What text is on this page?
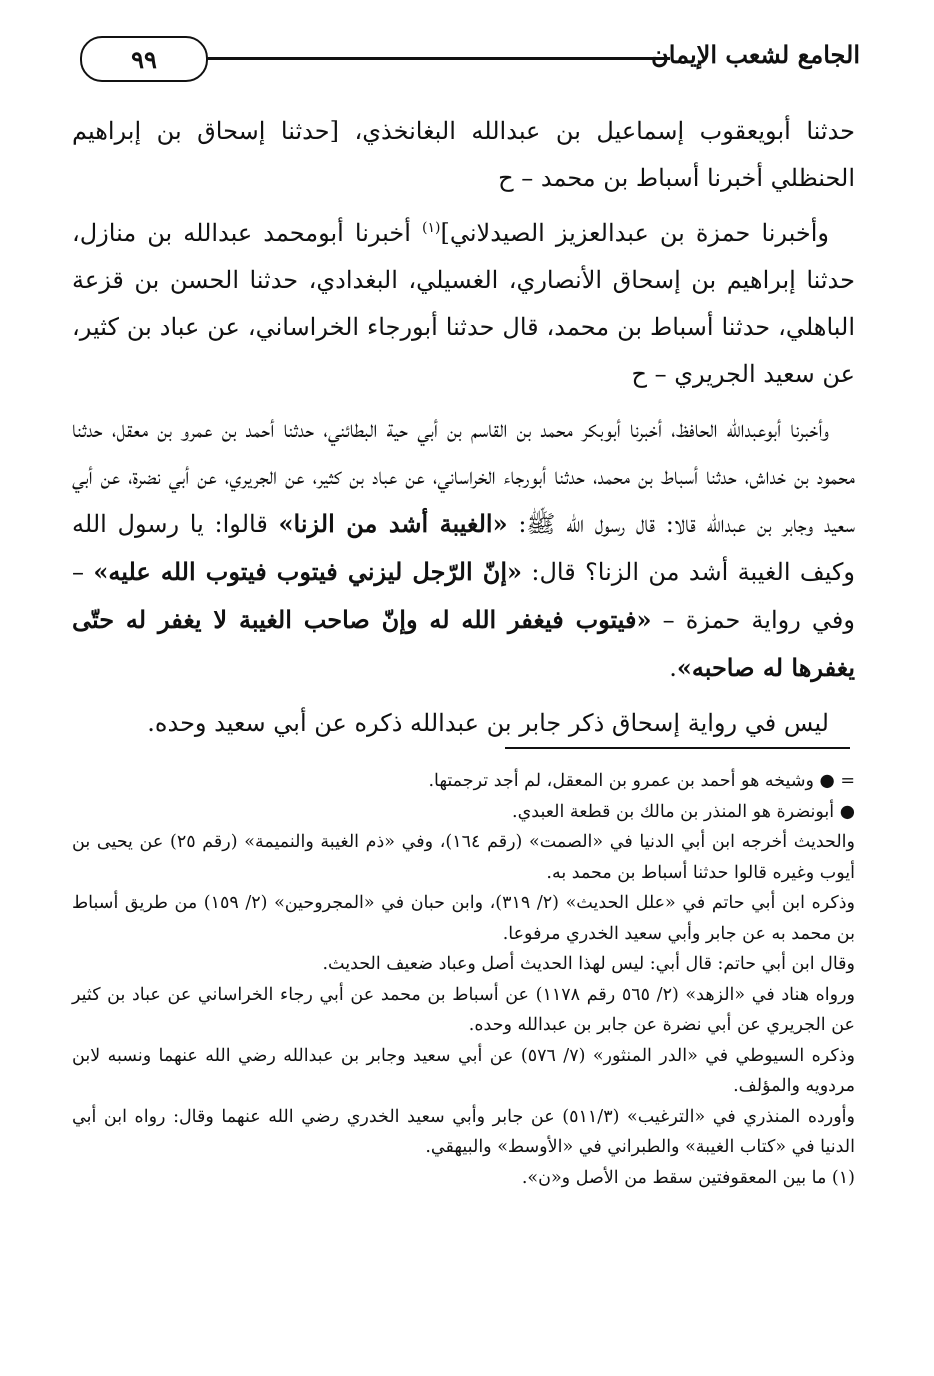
٩٩	الجامع لشعب الإيمان

حدثنا أبويعقوب إسماعيل بن عبدالله البغانخذي، [حدثنا إسحاق بن إبراهيم الحنظلي أخبرنا أسباط بن محمد – ح

وأخبرنا حمزة بن عبدالعزيز الصيدلاني]$^{(١)}$ أخبرنا أبومحمد عبدالله بن منازل، حدثنا إبراهيم بن إسحاق الأنصاري، الغسيلي، البغدادي، حدثنا الحسن بن قزعة الباهلي، حدثنا أسباط بن محمد، قال حدثنا أبورجاء الخراساني، عن عباد بن كثير، عن سعيد الجريري – ح

وأخبرنا أبوعبدالله الحافظ، أخبرنا أبوبكر محمد بن القاسم بن أبي حية البطائني، حدثنا أحمد بن عمرو بن معقل، حدثنا محمود بن خداش، حدثنا أسباط بن محمد، حدثنا أبورجاء الخراساني، عن عباد بن كثير، عن الجريري، عن أبي نضرة، عن أبي سعيد وجابر بن عبدالله قالا: قال رسول الله ﷺ: «الغيبة أشد من الزنا» قالوا: يا رسول الله وكيف الغيبة أشد من الزنا؟ قال: «إنّ الرّجل ليزني فيتوب فيتوب الله عليه» – وفي رواية حمزة – «فيتوب فيغفر الله له وإنّ صاحب الغيبة لا يغفر له حتّى يغفرها له صاحبه».

ليس في رواية إسحاق ذكر جابر بن عبدالله ذكره عن أبي سعيد وحده.

= ● وشيخه هو أحمد بن عمرو بن المعقل، لم أجد ترجمتها.

● أبونضرة هو المنذر بن مالك بن قطعة العبدي.

والحديث أخرجه ابن أبي الدنيا في «الصمت» (رقم ١٦٤)، وفي «ذم الغيبة والنميمة» (رقم ٢٥) عن يحيى بن أيوب وغيره قالوا حدثنا أسباط بن محمد به.

وذكره ابن أبي حاتم في «علل الحديث» (٢/ ٣١٩)، وابن حبان في «المجروحين» (٢/ ١٥٩) من طريق أسباط بن محمد به عن جابر وأبي سعيد الخدري مرفوعا.

وقال ابن أبي حاتم: قال أبي: ليس لهذا الحديث أصل وعباد ضعيف الحديث.

ورواه هناد في «الزهد» (٢/ ٥٦٥ رقم ١١٧٨) عن أسباط بن محمد عن أبي رجاء الخراساني عن عباد بن كثير عن الجريري عن أبي نضرة عن جابر بن عبدالله وحده.

وذكره السيوطي في «الدر المنثور» (٧/ ٥٧٦) عن أبي سعيد وجابر بن عبدالله رضي الله عنهما ونسبه لابن مردويه والمؤلف.

وأورده المنذري في «الترغيب» (٥١١/٣) عن جابر وأبي سعيد الخدري رضي الله عنهما وقال: رواه ابن أبي الدنيا في «كتاب الغيبة» والطبراني في «الأوسط» والبيهقي.

(١) ما بين المعقوفتين سقط من الأصل و«ن».
